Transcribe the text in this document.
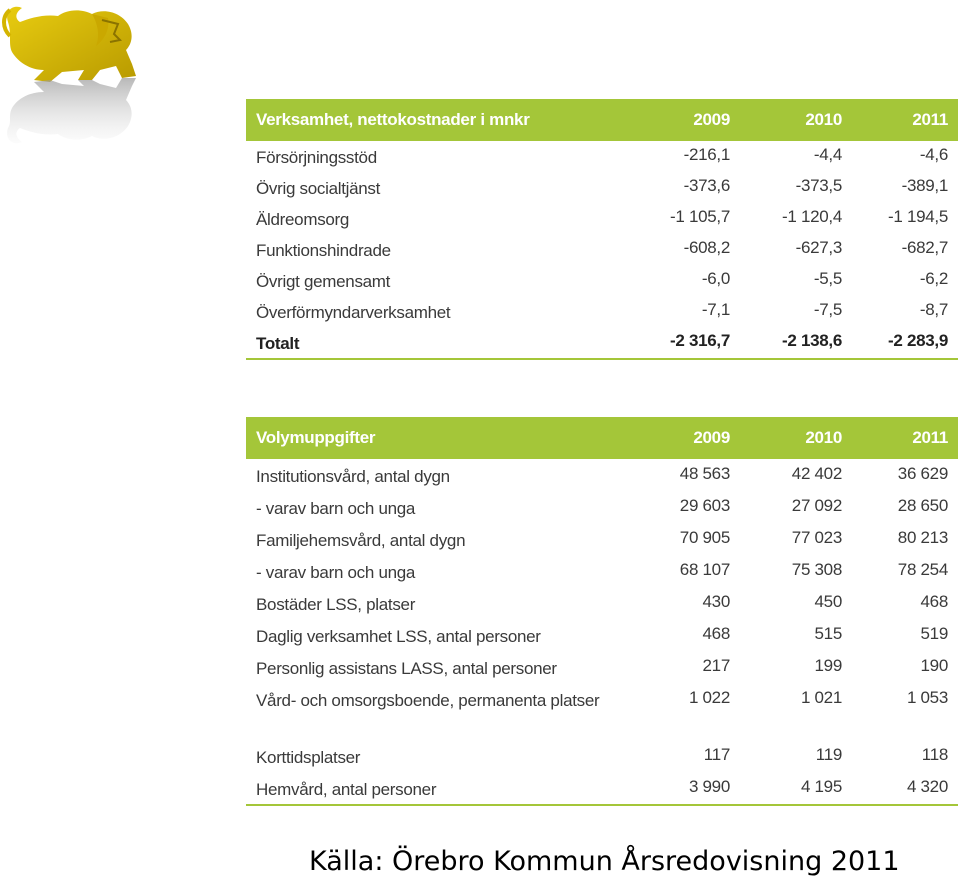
Verksamhet, nettokostnader i mnkr	2009	2010	2011
Försörjningsstöd	-216,1	-4,4	-4,6
Övrig socialtjänst	-373,6	-373,5	-389,1
Äldreomsorg	-1 105,7	-1 120,4	-1 194,5
Funktionshindrade	-608,2	-627,3	-682,7
Övrigt gemensamt	-6,0	-5,5	-6,2
Överförmyndarverksamhet	-7,1	-7,5	-8,7
Totalt	-2 316,7	-2 138,6	-2 283,9
Volymuppgifter	2009	2010	2011
Institutionsvård, antal dygn	48 563	42 402	36 629
- varav barn och unga	29 603	27 092	28 650
Familjehemsvård, antal dygn	70 905	77 023	80 213
- varav barn och unga	68 107	75 308	78 254
Bostäder LSS, platser	430	450	468
Daglig verksamhet LSS, antal personer	468	515	519
Personlig assistans LASS, antal personer	217	199	190
Vård- och omsorgsboende, permanenta platser	1 022	1 021	1 053
Korttidsplatser	117	119	118
Hemvård, antal personer	3 990	4 195	4 320
Källa: Örebro Kommun Årsredovisning 2011
